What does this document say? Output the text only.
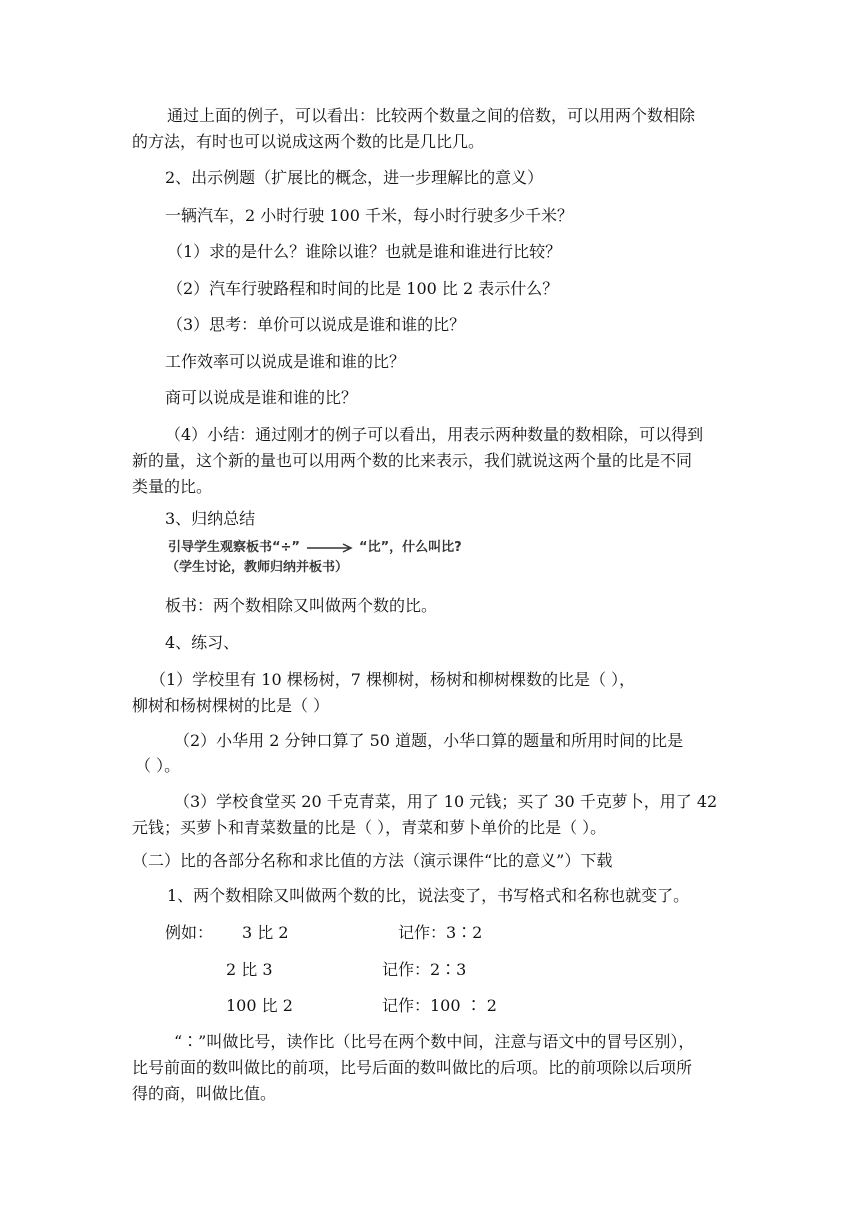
通过上面的例子，可以看出：比较两个数量之间的倍数，可以用两个数相除
的方法，有时也可以说成这两个数的比是几比几。
2、出示例题（扩展比的概念，进一步理解比的意义）
一辆汽车，2 小时行驶 100 千米，每小时行驶多少千米？
（1）求的是什么？谁除以谁？也就是谁和谁进行比较？
（2）汽车行驶路程和时间的比是 100 比 2 表示什么？
（3）思考：单价可以说成是谁和谁的比？
工作效率可以说成是谁和谁的比？
商可以说成是谁和谁的比？
（4）小结：通过刚才的例子可以看出，用表示两种数量的数相除，可以得到
新的量，这个新的量也可以用两个数的比来表示，我们就说这两个量的比是不同
类量的比。
3、归纳总结
引导学生观察板书“÷”	“比”，什么叫比?
（学生讨论，教师归纳并板书）
板书：两个数相除又叫做两个数的比。
4、练习、
（1）学校里有 10 棵杨树，7 棵柳树，杨树和柳树棵数的比是（ ），
柳树和杨树棵树的比是（ ）
（2）小华用 2 分钟口算了 50 道题，小华口算的题量和所用时间的比是
（ ）。
（3）学校食堂买 20 千克青菜，用了 10 元钱；买了 30 千克萝卜，用了 42
元钱；买萝卜和青菜数量的比是（ ），青菜和萝卜单价的比是（ ）。
（二）比的各部分名称和求比值的方法（演示课件“比的意义”）下载
1、两个数相除又叫做两个数的比，说法变了，书写格式和名称也就变了。
例如： 3 比 2	记作：3∶2
2 比 3	记作：2∶3
100 比 2	记作：100 ∶ 2
“∶”叫做比号，读作比（比号在两个数中间，注意与语文中的冒号区别），
比号前面的数叫做比的前项，比号后面的数叫做比的后项。比的前项除以后项所
得的商，叫做比值。
